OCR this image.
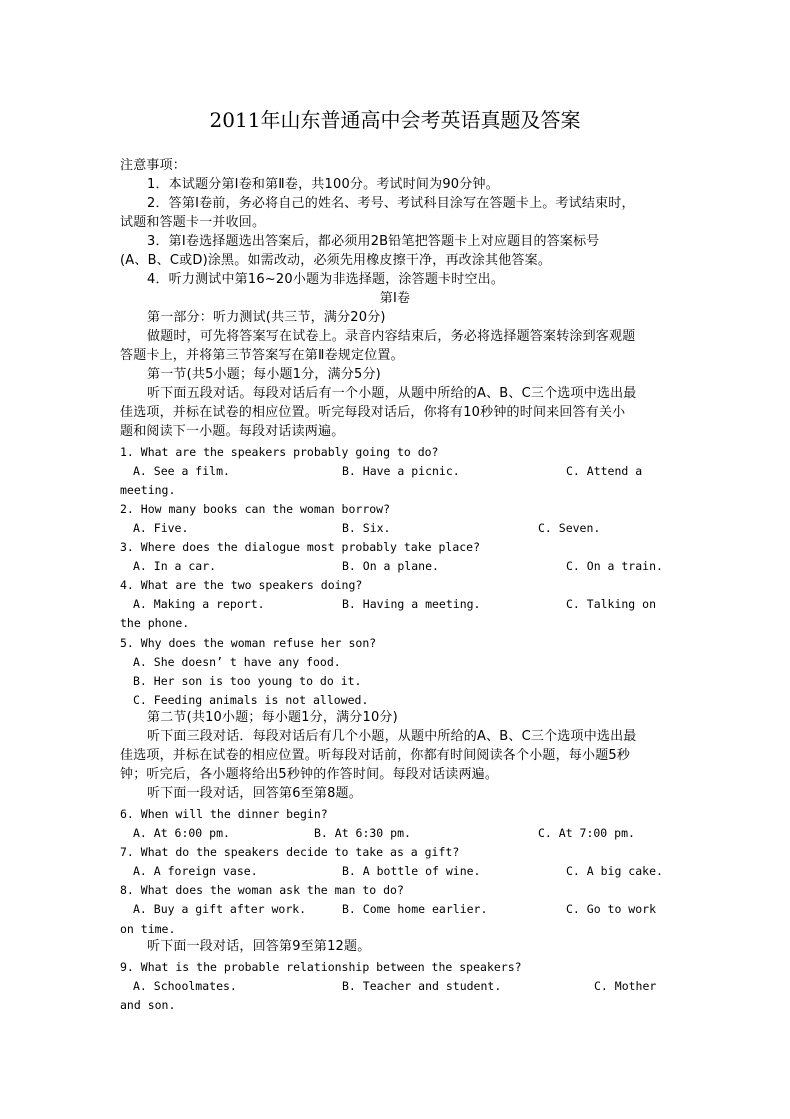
2011年山东普通高中会考英语真题及答案
注意事项：
1．本试题分第Ⅰ卷和第Ⅱ卷，共100分。考试时间为90分钟。
2．答第Ⅰ卷前，务必将自己的姓名、考号、考试科目涂写在答题卡上。考试结束时，
试题和答题卡一并收回。
3．第Ⅰ卷选择题选出答案后，都必须用2B铅笔把答题卡上对应题目的答案标号
(A、B、C或D)涂黑。如需改动，必须先用橡皮擦干净，再改涂其他答案。
4．听力测试中第16~20小题为非选择题，涂答题卡时空出。
第Ⅰ卷
第一部分：听力测试(共三节，满分20分)
做题时，可先将答案写在试卷上。录音内容结束后，务必将选择题答案转涂到客观题
答题卡上，并将第三节答案写在第Ⅱ卷规定位置。
第一节(共5小题；每小题1分，满分5分)
听下面五段对话。每段对话后有一个小题，从题中所给的A、B、C三个选项中选出最
佳选项，并标在试卷的相应位置。听完每段对话后，你将有10秒钟的时间来回答有关小
题和阅读下一小题。每段对话读两遍。
1. What are the speakers probably going to do?
A. See a film.	B. Have a picnic.	C. Attend a
meeting.
2. How many books can the woman borrow?
A. Five.	B. Six.	C. Seven.
3. Where does the dialogue most probably take place?
A. In a car.	B. On a plane.	C. On a train.
4. What are the two speakers doing?
A. Making a report.	B. Having a meeting.	C. Talking on
the phone.
5. Why does the woman refuse her son?
A. She doesn’ t have any food.
B. Her son is too young to do it.
C. Feeding animals is not allowed.
第二节(共10小题；每小题1分，满分10分)
听下面三段对话．每段对话后有几个小题，从题中所给的A、B、C三个选项中选出最
佳选项，并标在试卷的相应位置。听每段对话前，你都有时间阅读各个小题，每小题5秒
钟；听完后，各小题将给出5秒钟的作答时间。每段对话读两遍。
听下面一段对话，回答第6至第8题。
6. When will the dinner begin?
A. At 6:00 pm.	B. At 6:30 pm.	C. At 7:00 pm.
7. What do the speakers decide to take as a gift?
A. A foreign vase.	B. A bottle of wine.	C. A big cake.
8. What does the woman ask the man to do?
A. Buy a gift after work.	B. Come home earlier.	C. Go to work
on time.
听下面一段对话，回答第9至第12题。
9. What is the probable relationship between the speakers?
A. Schoolmates.	B. Teacher and student.	C. Mother
and son.
